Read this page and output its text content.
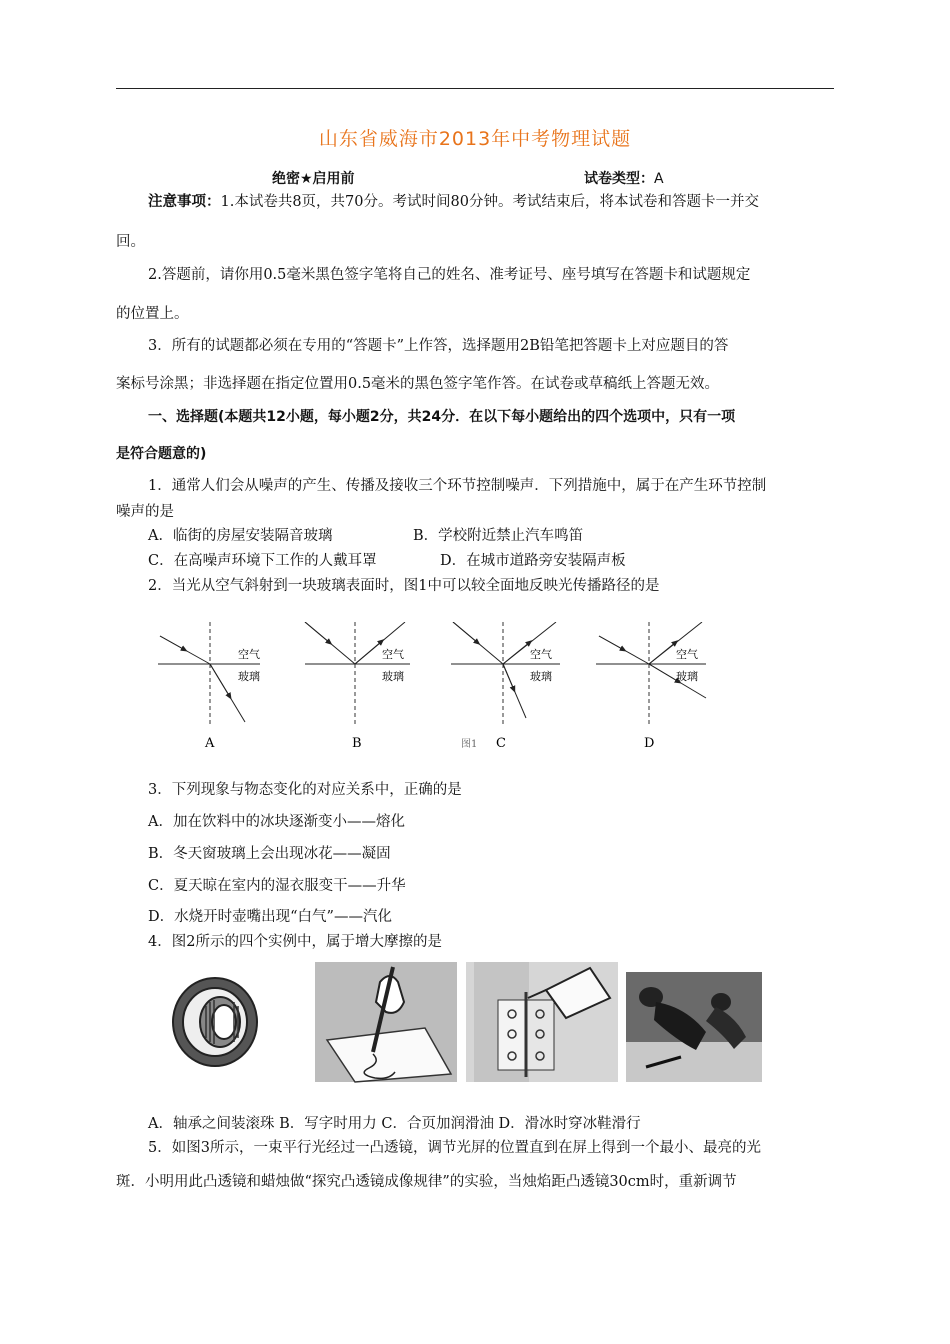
山东省威海市2013年中考物理试题
绝密★启用前	试卷类型：A
注意事项：1.本试卷共8页，共70分。考试时间80分钟。考试结束后，将本试卷和答题卡一并交
回。
2.答题前，请你用0.5毫米黑色签字笔将自己的姓名、准考证号、座号填写在答题卡和试题规定
的位置上。
3．所有的试题都必须在专用的“答题卡”上作答，选择题用2B铅笔把答题卡上对应题目的答
案标号涂黑；非选择题在指定位置用0.5毫米的黑色签字笔作答。在试卷或草稿纸上答题无效。
一、选择题(本题共12小题，每小题2分，共24分．在以下每小题给出的四个选项中，只有一项
是符合题意的)
1．通常人们会从噪声的产生、传播及接收三个环节控制噪声．下列措施中，属于在产生环节控制
噪声的是
A．临街的房屋安装隔音玻璃	B．学校附近禁止汽车鸣笛
C．在高噪声环境下工作的人戴耳罩	D．在城市道路旁安装隔声板
2．当光从空气斜射到一块玻璃表面时，图1中可以较全面地反映光传播路径的是
空气
玻璃
A
空气
玻璃
B
空气
玻璃
图1 C
空气
玻璃
D
3．下列现象与物态变化的对应关系中，正确的是
A．加在饮料中的冰块逐渐变小——熔化
B．冬天窗玻璃上会出现冰花——凝固
C．夏天晾在室内的湿衣服变干——升华
D．水烧开时壶嘴出现“白气”——汽化
4．图2所示的四个实例中，属于增大摩擦的是
A．轴承之间装滚珠 B．写字时用力 C．合页加润滑油 D．滑冰时穿冰鞋滑行
5．如图3所示，一束平行光经过一凸透镜，调节光屏的位置直到在屏上得到一个最小、最亮的光
斑．小明用此凸透镜和蜡烛做“探究凸透镜成像规律”的实验，当烛焰距凸透镜30cm时，重新调节
